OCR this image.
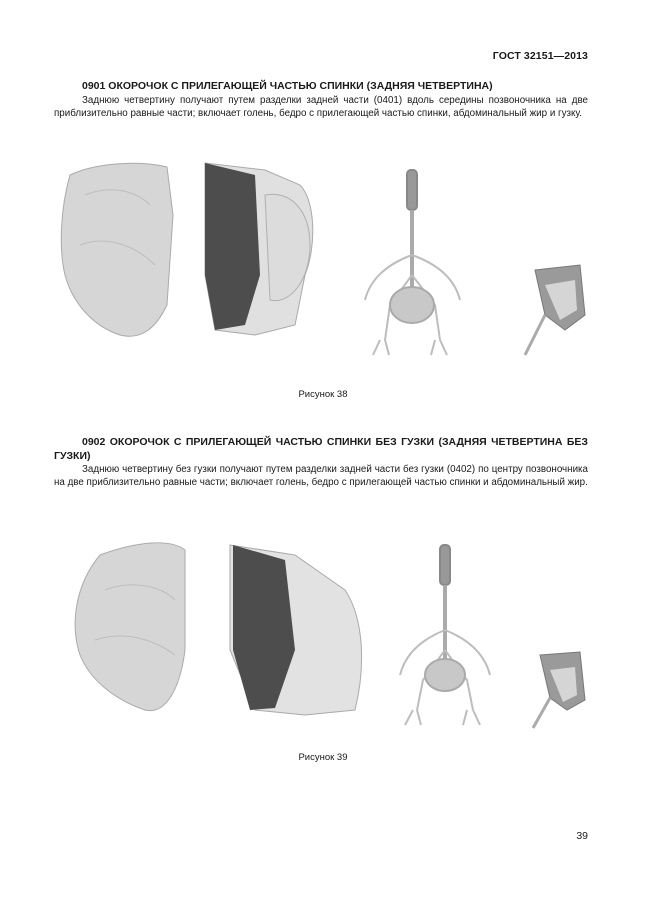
ГОСТ 32151—2013

0901 ОКОРОЧОК С ПРИЛЕГАЮЩЕЙ ЧАСТЬЮ СПИНКИ (ЗАДНЯЯ ЧЕТВЕРТИНА)

Заднюю четвертину получают путем разделки задней части (0401) вдоль середины позвоночника на две приблизительно равные части; включает голень, бедро с прилегающей частью спинки, абдоминальный жир и гузку.

Рисунок 38

0902 ОКОРОЧОК С ПРИЛЕГАЮЩЕЙ ЧАСТЬЮ СПИНКИ БЕЗ ГУЗКИ (ЗАДНЯЯ ЧЕТВЕРТИНА БЕЗ ГУЗКИ)

Заднюю четвертину без гузки получают путем разделки задней части без гузки (0402) по центру позвоночника на две приблизительно равные части; включает голень, бедро с прилегающей частью спинки и абдоминальный жир.

Рисунок 39
39
